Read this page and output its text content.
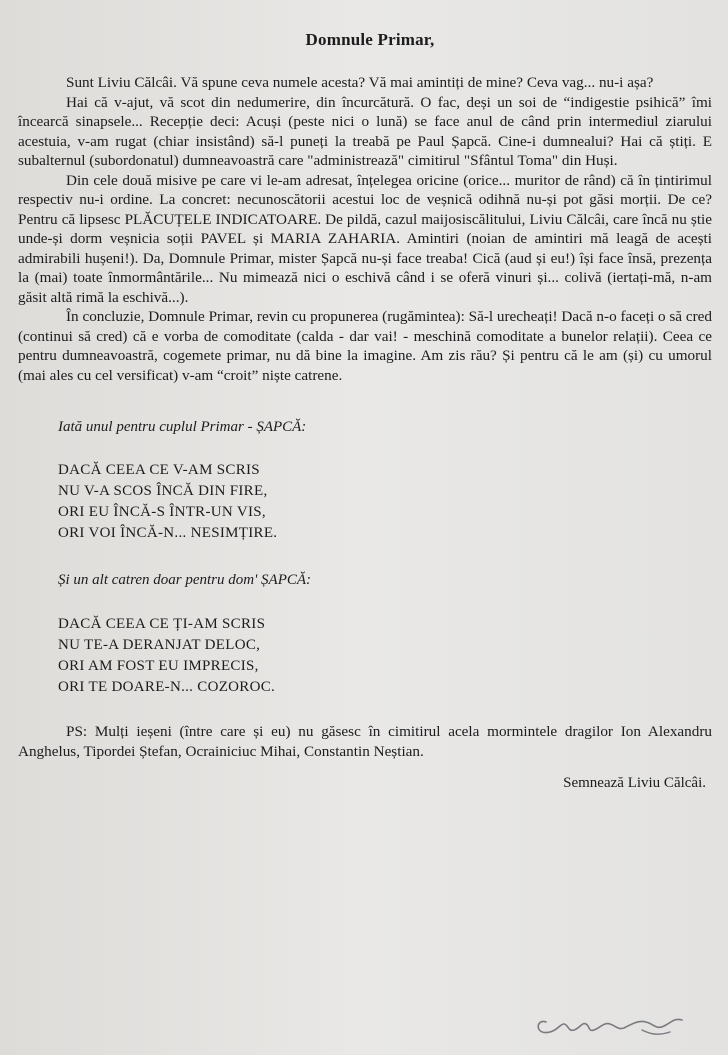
Domnule Primar,

Sunt Liviu Călcâi. Vă spune ceva numele acesta? Vă mai amintiți de mine? Ceva vag... nu-i așa?

Hai că v-ajut, vă scot din nedumerire, din încurcătură. O fac, deși un soi de “indigestie psihică” îmi încearcă sinapsele... Recepție deci: Acuși (peste nici o lună) se face anul de când prin intermediul ziarului acestuia, v-am rugat (chiar insistând) să-l puneți la treabă pe Paul Șapcă. Cine-i dumnealui? Hai că știți. E subalternul (subordonatul) dumneavoastră care "administrează" cimitirul "Sfântul Toma" din Huși.

Din cele două misive pe care vi le-am adresat, înțelegea oricine (orice... muritor de rând) că în țintirimul respectiv nu-i ordine. La concret: necunoscătorii acestui loc de veșnică odihnă nu-și pot găsi morții. De ce? Pentru că lipsesc PLĂCUȚELE INDICATOARE. De pildă, cazul maijosiscălitului, Liviu Călcâi, care încă nu știe unde-și dorm veșnicia soții PAVEL și MARIA ZAHARIA. Amintiri (noian de amintiri mă leagă de acești admirabili hușeni!). Da, Domnule Primar, mister Șapcă nu-și face treaba! Cică (aud și eu!) își face însă, prezența la (mai) toate înmormântările... Nu mimează nici o eschivă când i se oferă vinuri și... colivă (iertați-mă, n-am găsit altă rimă la eschivă...).

În concluzie, Domnule Primar, revin cu propunerea (rugămintea): Să-l urecheați! Dacă n-o faceți o să cred (continui să cred) că e vorba de comoditate (calda - dar vai! - meschină comoditate a bunelor relații). Ceea ce pentru dumneavoastră, cogemete primar, nu dă bine la imagine. Am zis rău? Și pentru că le am (și) cu umorul (mai ales cu cel versificat) v-am “croit” niște catrene.

Iată unul pentru cuplul Primar - ȘAPCĂ:
DACĂ CEEA CE V-AM SCRIS
NU V-A SCOS ÎNCĂ DIN FIRE,
ORI EU ÎNCĂ-S ÎNTR-UN VIS,
ORI VOI ÎNCĂ-N... NESIMȚIRE.
Și un alt catren doar pentru dom' ȘAPCĂ:
DACĂ CEEA CE ȚI-AM SCRIS
NU TE-A DERANJAT DELOC,
ORI AM FOST EU IMPRECIS,
ORI TE DOARE-N... COZOROC.

PS: Mulți ieșeni (între care și eu) nu găsesc în cimitirul acela mormintele dragilor Ion Alexandru Anghelus, Tipordei Ștefan, Ocrainiciuc Mihai, Constantin Neștian.

Semnează Liviu Călcâi.
